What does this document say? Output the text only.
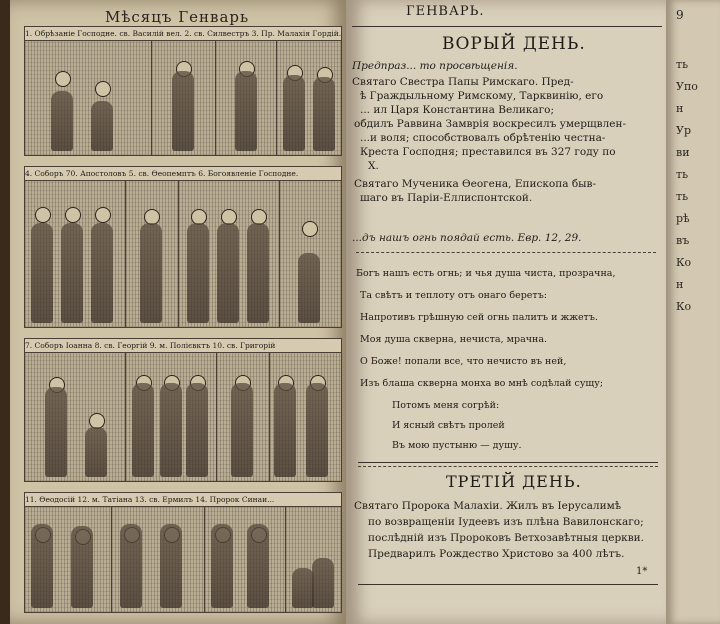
Мѣсяцъ Генварь
1. Обрѣзаніе Господне. св. Василій вел. 2. св. Силвестръ 3. Пр. Малахія Гордій.
4. Соборъ 70. Апостоловъ 5. св. Ѳеопемптъ 6. Богоявленіе Господне.
7. Соборъ Іоанна 8. св. Георгій 9. м. Полієвктъ 10. св. Григорій
11. Ѳеодосій 12. м. Татіана 13. св. Ермилъ 14. Пророк Синаи...
ГЕНВАРЬ.
ВОРЫЙ ДЕНЬ.
Предпраз... то просвѣщенія.
Святаго Свестра Папы Римскаго. Пред-
ѣ Граждыльному Римскому, Тарквинію, его
... ил Царя Константина Великаго;
обдилъ Раввина Замврія воскресилъ умерщвлен-
...и воля; способствовалъ обрѣтенію честна-
Креста Господня; преставился въ 327 году по
Х.
Святаго Мученика Ѳеогена, Епископа быв-
шаго въ Паріи-Еллиспонтской.
...дъ нашъ огнь поядай есть. Евр. 12, 29.
Богъ нашъ есть огнь; и чья душа чиста, прозрачна,
Та свѣтъ и теплоту отъ онаго беретъ:
Напротивъ грѣшную сей огнь палитъ и жжетъ.
Моя душа скверна, нечиста, мрачна.
О Боже! попали все, что нечисто въ ней,
Изъ блаша скверна монха во мнѣ содѣлай сущу;
Потомъ меня согрѣй:
И ясный свѣтъ пролей
Въ мою пустыню — душу.
ТРЕТІЙ ДЕНЬ.
Святаго Пророка Малахіи. Жилъ въ Іерусалимѣ
по возвращеніи Іудеевъ изъ плѣна Вавилонскаго;
послѣдній изъ Пророковъ Ветхозавѣтныя церкви.
Предварилъ Рождество Христово за 400 лѣтъ.
1*
9
ть
Упо
н
Ур
ви
ть
ть
рѣ
въ
Ко
н
Ко
